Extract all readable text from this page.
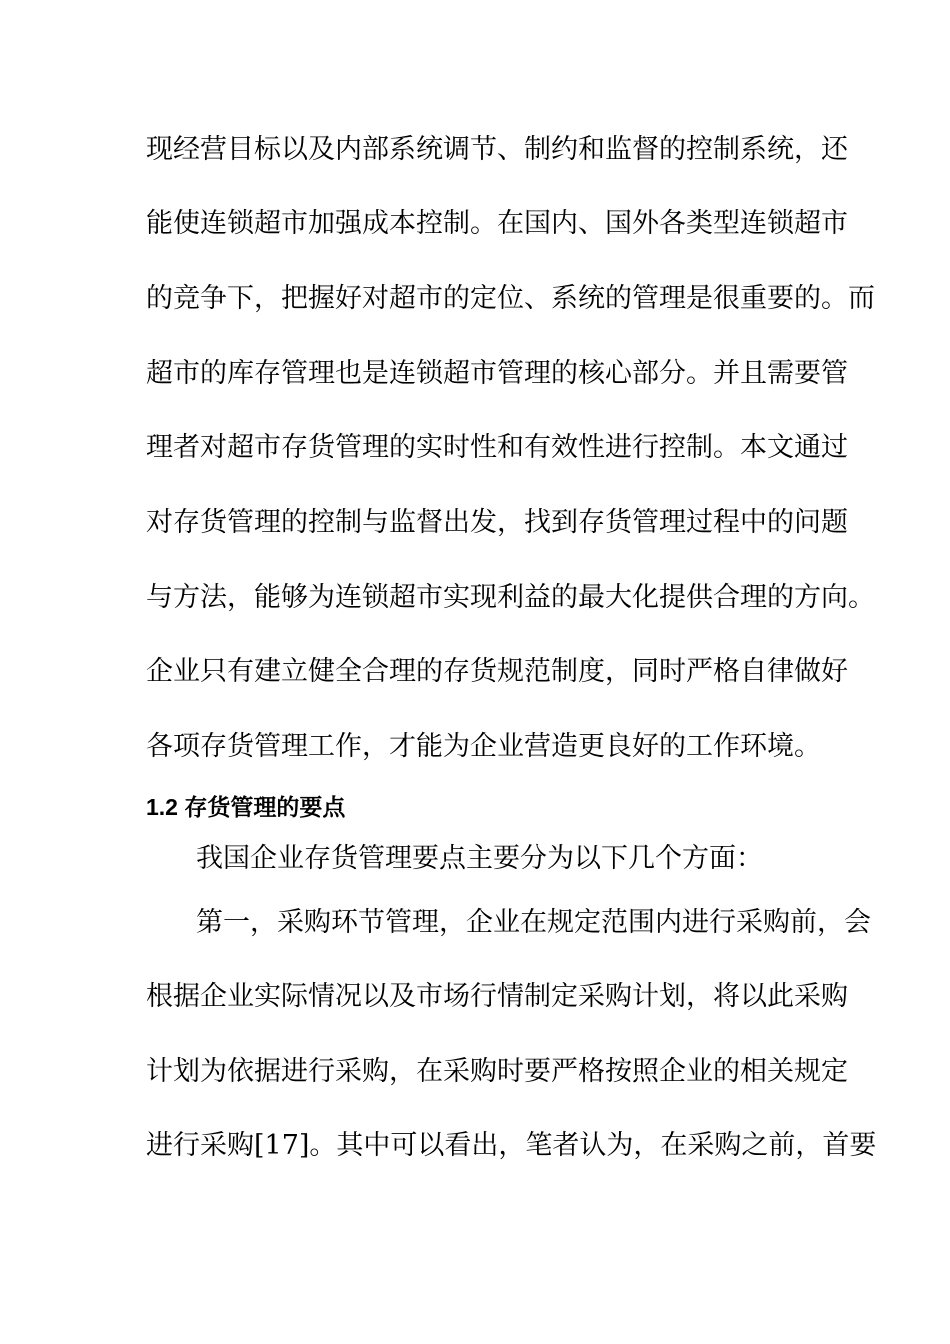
现经营目标以及内部系统调节、制约和监督的控制系统，还
能使连锁超市加强成本控制。在国内、国外各类型连锁超市
的竞争下，把握好对超市的定位、系统的管理是很重要的。而
超市的库存管理也是连锁超市管理的核心部分。并且需要管
理者对超市存货管理的实时性和有效性进行控制。本文通过
对存货管理的控制与监督出发，找到存货管理过程中的问题
与方法，能够为连锁超市实现利益的最大化提供合理的方向。
企业只有建立健全合理的存货规范制度，同时严格自律做好
各项存货管理工作，才能为企业营造更良好的工作环境。
1.2 存货管理的要点
我国企业存货管理要点主要分为以下几个方面：
第一，采购环节管理，企业在规定范围内进行采购前，会
根据企业实际情况以及市场行情制定采购计划，将以此采购
计划为依据进行采购，在采购时要严格按照企业的相关规定
进行采购[17]。其中可以看出，笔者认为，在采购之前，首要
